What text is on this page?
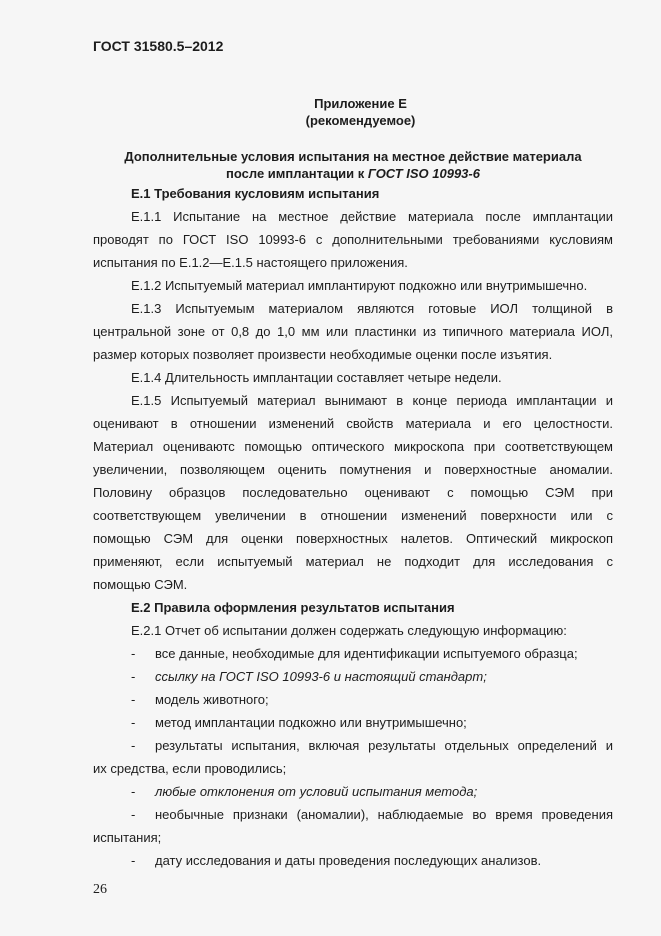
ГОСТ 31580.5–2012
Приложение Е
(рекомендуемое)
Дополнительные условия испытания на местное действие материала
после имплантации к ГОСТ ISO 10993-6
Е.1 Требования кусловиям испытания
Е.1.1 Испытание на местное действие материала после имплантации
проводят по ГОСТ ISO 10993-6 с дополнительными требованиями кусловиям
испытания по Е.1.2—Е.1.5 настоящего приложения.
Е.1.2 Испытуемый материал имплантируют подкожно или внутримышечно.
Е.1.3 Испытуемым материалом являются готовые ИОЛ толщиной в
центральной зоне от 0,8 до 1,0 мм или пластинки из типичного материала ИОЛ,
размер которых позволяет произвести необходимые оценки после изъятия.
Е.1.4 Длительность имплантации составляет четыре недели.
Е.1.5 Испытуемый материал вынимают в конце периода имплантации и
оценивают в отношении изменений свойств материала и его целостности.
Материал оцениваютс помощью оптического микроскопа при соответствующем
увеличении, позволяющем оценить помутнения и поверхностные аномалии.
Половину образцов последовательно оценивают с помощью СЭМ при
соответствующем увеличении в отношении изменений поверхности или с
помощью СЭМ для оценки поверхностных налетов. Оптический микроскоп
применяют, если испытуемый материал не подходит для исследования с
помощью СЭМ.
Е.2 Правила оформления результатов испытания
Е.2.1 Отчет об испытании должен содержать следующую информацию:
- все данные, необходимые для идентификации испытуемого образца;
- ссылку на ГОСТ ISO 10993-6 и настоящий стандарт;
- модель животного;
- метод имплантации подкожно или внутримышечно;
- результаты испытания, включая результаты отдельных определений и
их средства, если проводились;
- любые отклонения от условий испытания метода;
- необычные признаки (аномалии), наблюдаемые во время проведения
испытания;
- дату исследования и даты проведения последующих анализов.
26
